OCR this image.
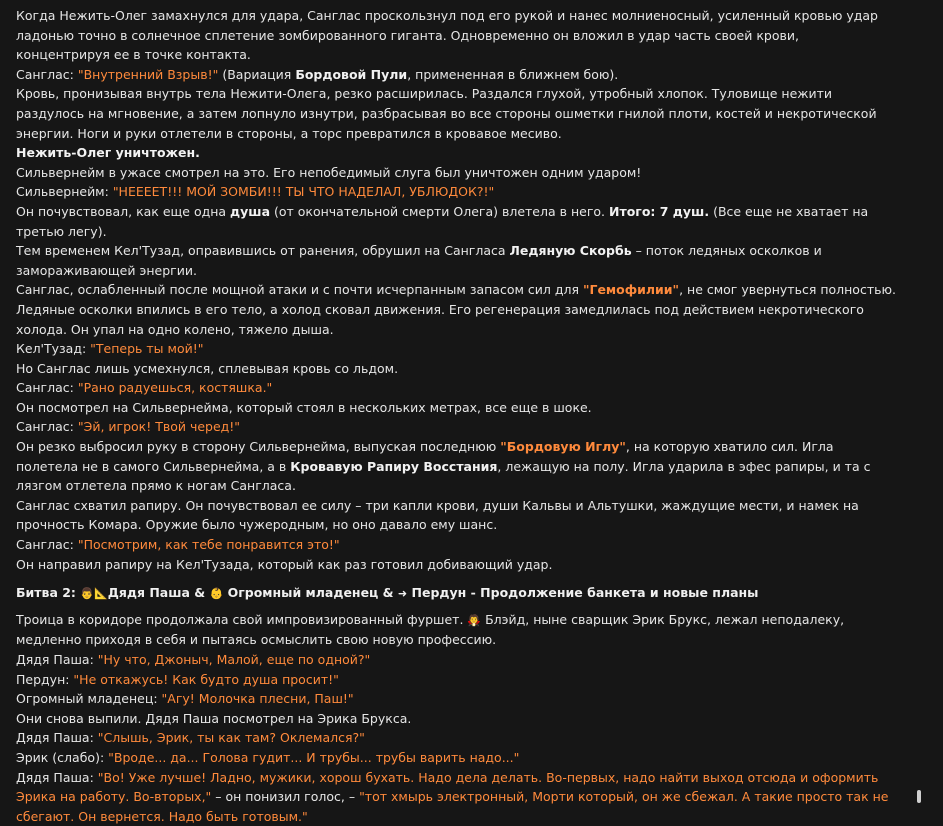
Когда Нежить-Олег замахнулся для удара, Санглас проскользнул под его рукой и нанес молниеносный, усиленный кровью удар ладонью точно в солнечное сплетение зомбированного гиганта. Одновременно он вложил в удар часть своей крови, концентрируя ее в точке контакта.

Санглас: "Внутренний Взрыв!" (Вариация Бордовой Пули, примененная в ближнем бою).

Кровь, пронизывая внутрь тела Нежити-Олега, резко расширилась. Раздался глухой, утробный хлопок. Туловище нежити раздулось на мгновение, а затем лопнуло изнутри, разбрасывая во все стороны ошметки гнилой плоти, костей и некротической энергии. Ноги и руки отлетели в стороны, а торс превратился в кровавое месиво.

Нежить-Олег уничтожен.

Сильвернейм в ужасе смотрел на это. Его непобедимый слуга был уничтожен одним ударом!

Сильвернейм: "НЕЕЕЕТ!!! МОЙ ЗОМБИ!!! ТЫ ЧТО НАДЕЛАЛ, УБЛЮДОК?!"

Он почувствовал, как еще одна душа (от окончательной смерти Олега) влетела в него. Итого: 7 душ. (Все еще не хватает на третью легу).

Тем временем Кел'Тузад, оправившись от ранения, обрушил на Сангласа Ледяную Скорбь – поток ледяных осколков и замораживающей энергии.

Санглас, ослабленный после мощной атаки и с почти исчерпанным запасом сил для "Гемофилии", не смог увернуться полностью. Ледяные осколки впились в его тело, а холод сковал движения. Его регенерация замедлилась под действием некротического холода. Он упал на одно колено, тяжело дыша.

Кел'Тузад: "Теперь ты мой!"

Но Санглас лишь усмехнулся, сплевывая кровь со льдом.

Санглас: "Рано радуешься, костяшка."

Он посмотрел на Сильвернейма, который стоял в нескольких метрах, все еще в шоке.

Санглас: "Эй, игрок! Твой черед!"

Он резко выбросил руку в сторону Сильвернейма, выпуская последнюю "Бордовую Иглу", на которую хватило сил. Игла полетела не в самого Сильвернейма, а в Кровавую Рапиру Восстания, лежащую на полу. Игла ударила в эфес рапиры, и та с лязгом отлетела прямо к ногам Сангласа.

Санглас схватил рапиру. Он почувствовал ее силу – три капли крови, души Кальвы и Альтушки, жаждущие мести, и намек на прочность Комара. Оружие было чужеродным, но оно давало ему шанс.

Санглас: "Посмотрим, как тебе понравится это!"

Он направил рапиру на Кел'Тузада, который как раз готовил добивающий удар.

Битва 2: 👨📐Дядя Паша & 👶 Огромный младенец & ➜ Пердун - Продолжение банкета и новые планы

Троица в коридоре продолжала свой импровизированный фуршет. 🧛 Блэйд, ныне сварщик Эрик Брукс, лежал неподалеку, медленно приходя в себя и пытаясь осмыслить свою новую профессию.

Дядя Паша: "Ну что, Джоныч, Малой, еще по одной?"

Пердун: "Не откажусь! Как будто душа просит!"

Огромный младенец: "Агу! Молочка плесни, Паш!"

Они снова выпили. Дядя Паша посмотрел на Эрика Брукса.

Дядя Паша: "Слышь, Эрик, ты как там? Оклемался?"

Эрик (слабо): "Вроде... да... Голова гудит... И трубы... трубы варить надо..."

Дядя Паша: "Во! Уже лучше! Ладно, мужики, хорош бухать. Надо дела делать. Во-первых, надо найти выход отсюда и оформить Эрика на работу. Во-вторых," – он понизил голос, – "тот хмырь электронный, Морти который, он же сбежал. А такие просто так не сбегают. Он вернется. Надо быть готовым."
